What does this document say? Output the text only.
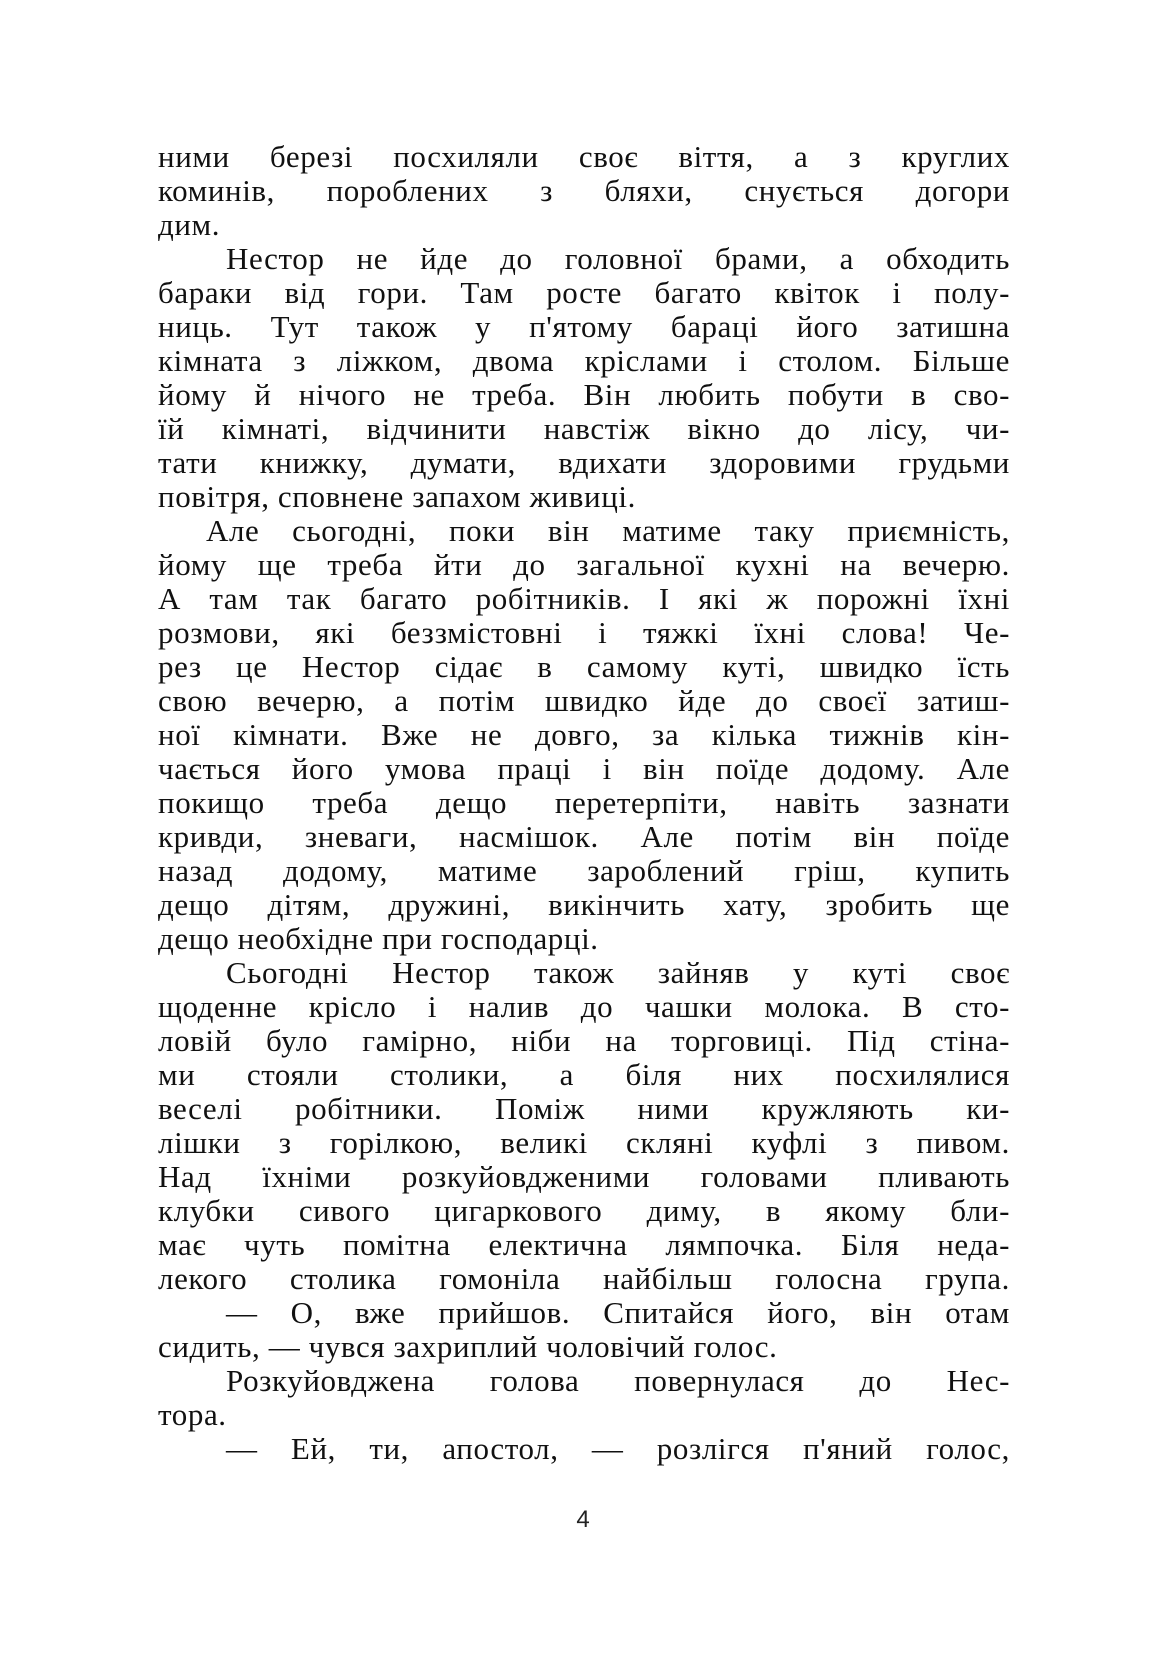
ними березі посхиляли своє віття, а з круглих
коминів, пороблених з бляхи, снується догори
дим.
Нестор не йде до головної брами, а обходить
бараки від гори. Там росте багато квіток і полу-
ниць. Тут також у п'ятому бараці його затишна
кімната з ліжком, двома кріслами і столом. Більше
йому й нічого не треба. Він любить побути в сво-
їй кімнаті, відчинити навстіж вікно до лісу, чи-
тати книжку, думати, вдихати здоровими грудьми
повітря, сповнене запахом живиці.
Але сьогодні, поки він матиме таку приємність,
йому ще треба йти до загальної кухні на вечерю.
А там так багато робітників. І які ж порожні їхні
розмови, які беззмістовні і тяжкі їхні слова! Че-
рез це Нестор сідає в самому куті, швидко їсть
свою вечерю, а потім швидко йде до своєї затиш-
ної кімнати. Вже не довго, за кілька тижнів кін-
чається його умова праці і він поїде додому. Але
покищо треба дещо перетерпіти, навіть зазнати
кривди, зневаги, насмішок. Але потім він поїде
назад додому, матиме зароблений гріш, купить
дещо дітям, дружині, викінчить хату, зробить ще
дещо необхідне при господарці.
Сьогодні Нестор також зайняв у куті своє
щоденне крісло і налив до чашки молока. В сто-
ловій було гамірно, ніби на торговиці. Під стіна-
ми стояли столики, а біля них посхилялися
веселі робітники. Поміж ними кружляють ки-
лішки з горілкою, великі скляні куфлі з пивом.
Над їхніми розкуйовдженими головами пливають
клубки сивого цигаркового диму, в якому бли-
має чуть помітна електична лямпочка. Біля неда-
лекого столика гомоніла найбільш голосна група.
— О, вже прийшов. Спитайся його, він отам
сидить, — чувся захриплий чоловічий голос.
Розкуйовджена голова повернулася до Нес-
тора.
— Ей, ти, апостол, — розлігся п'яний голос,
4
